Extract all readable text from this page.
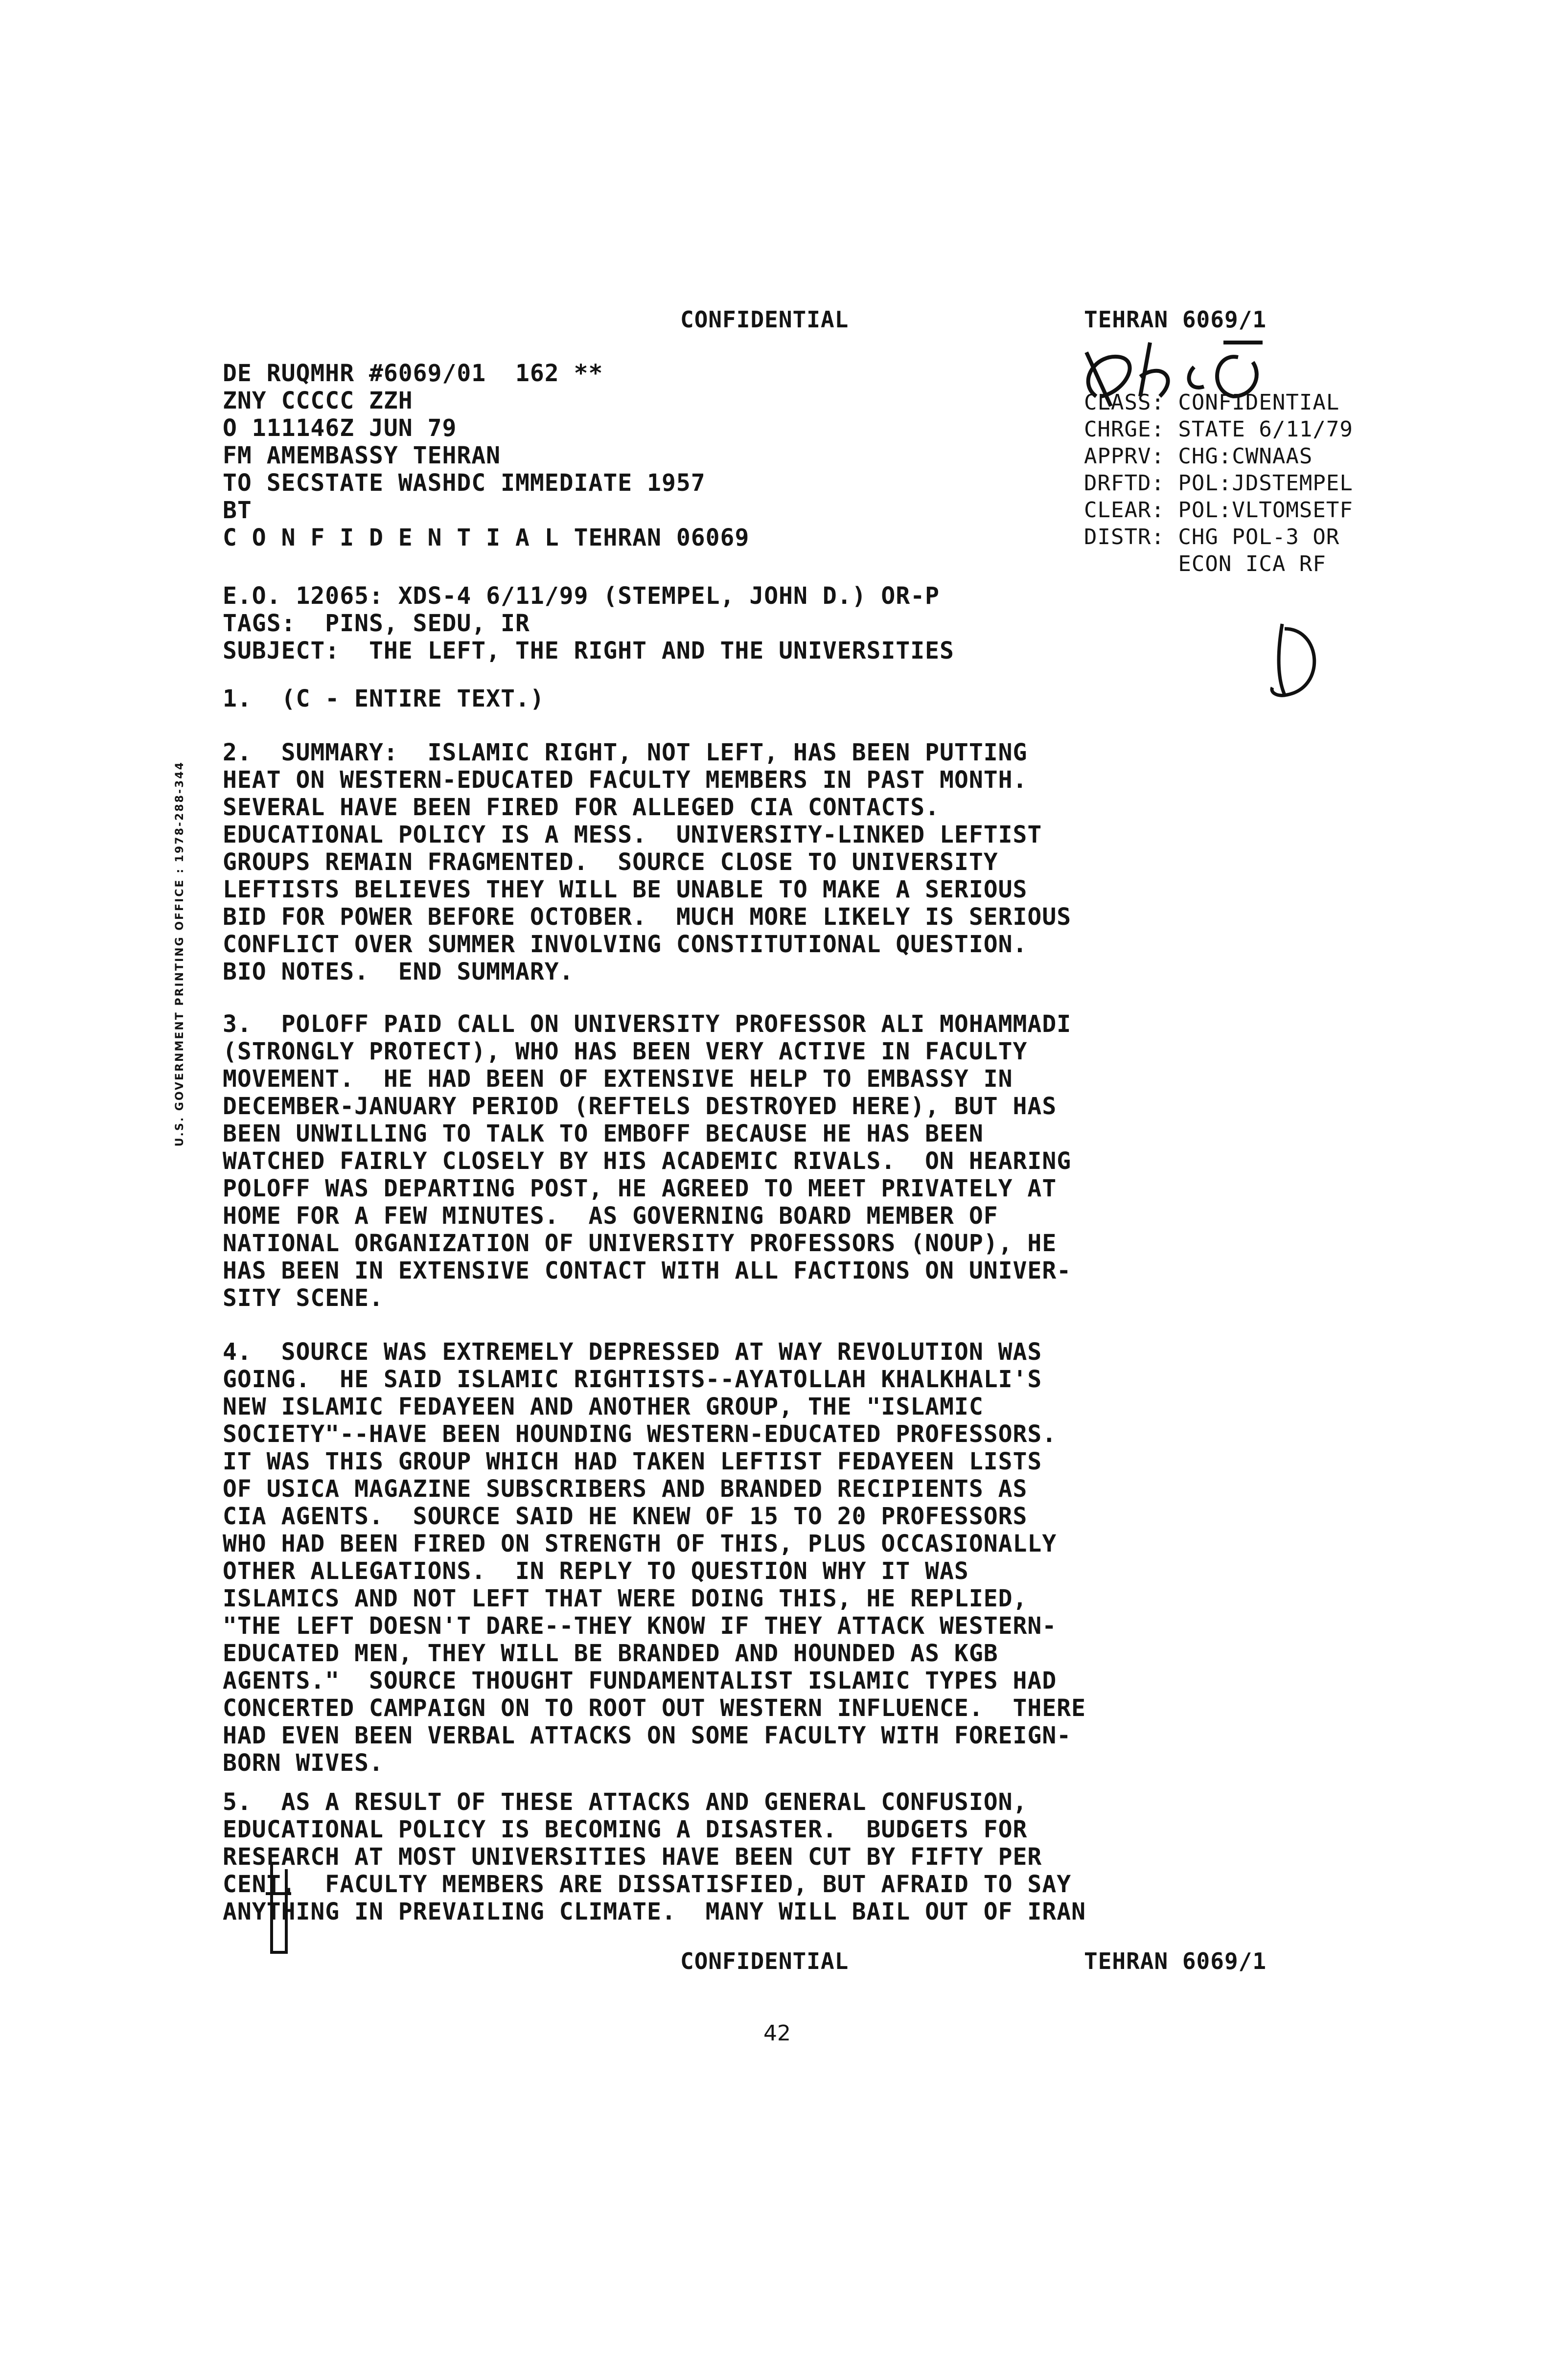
CONFIDENTIAL	TEHRAN 6069/1
DE RUQMHR #6069/01  162 **
ZNY CCCCC ZZH
O 111146Z JUN 79
FM AMEMBASSY TEHRAN
TO SECSTATE WASHDC IMMEDIATE 1957
BT
C O N F I D E N T I A L TEHRAN 06069
CLASS: CONFIDENTIAL
CHRGE: STATE 6/11/79
APPRV: CHG:CWNAAS
DRFTD: POL:JDSTEMPEL
CLEAR: POL:VLTOMSETF
DISTR: CHG POL-3 OR
ECON ICA RF
E.O. 12065: XDS-4 6/11/99 (STEMPEL, JOHN D.) OR-P
TAGS:  PINS, SEDU, IR
SUBJECT:  THE LEFT, THE RIGHT AND THE UNIVERSITIES
1.  (C - ENTIRE TEXT.)
2.  SUMMARY:  ISLAMIC RIGHT, NOT LEFT, HAS BEEN PUTTING
HEAT ON WESTERN-EDUCATED FACULTY MEMBERS IN PAST MONTH.
SEVERAL HAVE BEEN FIRED FOR ALLEGED CIA CONTACTS.
EDUCATIONAL POLICY IS A MESS.  UNIVERSITY-LINKED LEFTIST
GROUPS REMAIN FRAGMENTED.  SOURCE CLOSE TO UNIVERSITY
LEFTISTS BELIEVES THEY WILL BE UNABLE TO MAKE A SERIOUS
BID FOR POWER BEFORE OCTOBER.  MUCH MORE LIKELY IS SERIOUS
CONFLICT OVER SUMMER INVOLVING CONSTITUTIONAL QUESTION.
BIO NOTES.  END SUMMARY.
3.  POLOFF PAID CALL ON UNIVERSITY PROFESSOR ALI MOHAMMADI
(STRONGLY PROTECT), WHO HAS BEEN VERY ACTIVE IN FACULTY
MOVEMENT.  HE HAD BEEN OF EXTENSIVE HELP TO EMBASSY IN
DECEMBER-JANUARY PERIOD (REFTELS DESTROYED HERE), BUT HAS
BEEN UNWILLING TO TALK TO EMBOFF BECAUSE HE HAS BEEN
WATCHED FAIRLY CLOSELY BY HIS ACADEMIC RIVALS.  ON HEARING
POLOFF WAS DEPARTING POST, HE AGREED TO MEET PRIVATELY AT
HOME FOR A FEW MINUTES.  AS GOVERNING BOARD MEMBER OF
NATIONAL ORGANIZATION OF UNIVERSITY PROFESSORS (NOUP), HE
HAS BEEN IN EXTENSIVE CONTACT WITH ALL FACTIONS ON UNIVER-
SITY SCENE.
4.  SOURCE WAS EXTREMELY DEPRESSED AT WAY REVOLUTION WAS
GOING.  HE SAID ISLAMIC RIGHTISTS--AYATOLLAH KHALKHALI'S
NEW ISLAMIC FEDAYEEN AND ANOTHER GROUP, THE "ISLAMIC
SOCIETY"--HAVE BEEN HOUNDING WESTERN-EDUCATED PROFESSORS.
IT WAS THIS GROUP WHICH HAD TAKEN LEFTIST FEDAYEEN LISTS
OF USICA MAGAZINE SUBSCRIBERS AND BRANDED RECIPIENTS AS
CIA AGENTS.  SOURCE SAID HE KNEW OF 15 TO 20 PROFESSORS
WHO HAD BEEN FIRED ON STRENGTH OF THIS, PLUS OCCASIONALLY
OTHER ALLEGATIONS.  IN REPLY TO QUESTION WHY IT WAS
ISLAMICS AND NOT LEFT THAT WERE DOING THIS, HE REPLIED,
"THE LEFT DOESN'T DARE--THEY KNOW IF THEY ATTACK WESTERN-
EDUCATED MEN, THEY WILL BE BRANDED AND HOUNDED AS KGB
AGENTS."  SOURCE THOUGHT FUNDAMENTALIST ISLAMIC TYPES HAD
CONCERTED CAMPAIGN ON TO ROOT OUT WESTERN INFLUENCE.  THERE
HAD EVEN BEEN VERBAL ATTACKS ON SOME FACULTY WITH FOREIGN-
BORN WIVES.
5.  AS A RESULT OF THESE ATTACKS AND GENERAL CONFUSION,
EDUCATIONAL POLICY IS BECOMING A DISASTER.  BUDGETS FOR
RESEARCH AT MOST UNIVERSITIES HAVE BEEN CUT BY FIFTY PER
CENT.  FACULTY MEMBERS ARE DISSATISFIED, BUT AFRAID TO SAY
ANYTHING IN PREVAILING CLIMATE.  MANY WILL BAIL OUT OF IRAN
CONFIDENTIAL	TEHRAN 6069/1
42
U.S. GOVERNMENT PRINTING OFFICE : 1978-288-344
